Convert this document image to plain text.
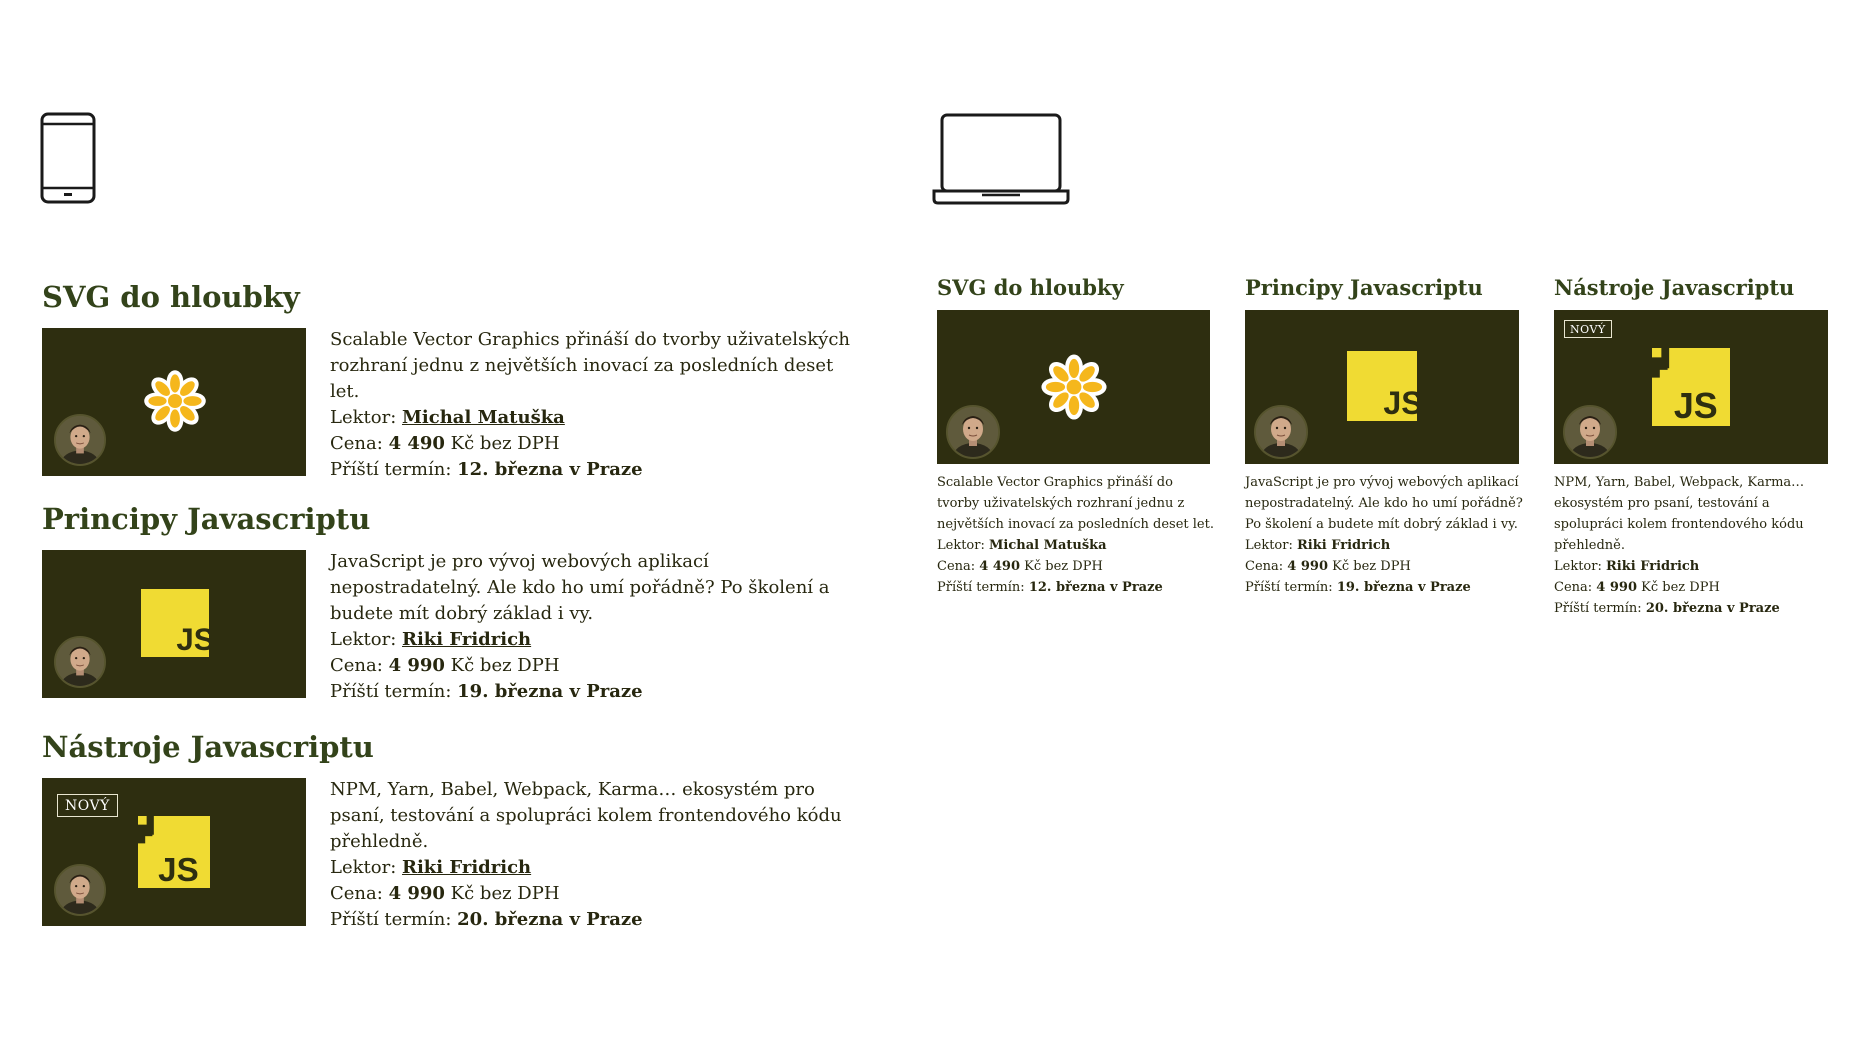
SVG do hloubky

Scalable Vector Graphics přináší do tvorby uživatelských rozhraní jednu z největších inovací za posledních deset let.

Lektor: Michal Matuška

Cena: 4 490 Kč bez DPH

Příští termín: 12. března v Praze

Principy Javascriptu

JavaScript je pro vývoj webových aplikací nepostradatelný. Ale kdo ho umí pořádně? Po školení a budete mít dobrý základ i vy.

Lektor: Riki Fridrich

Cena: 4 990 Kč bez DPH

Příští termín: 19. března v Praze

Nástroje Javascriptu
NOVÝ

NPM, Yarn, Babel, Webpack, Karma… ekosystém pro psaní, testování a spolupráci kolem frontendového kódu přehledně.

Lektor: Riki Fridrich

Cena: 4 990 Kč bez DPH

Příští termín: 20. března v Praze

SVG do hloubky

Scalable Vector Graphics přináší do tvorby uživatelských rozhraní jednu z největších inovací za posledních deset let.

Lektor: Michal Matuška

Cena: 4 490 Kč bez DPH

Příští termín: 12. března v Praze

Principy Javascriptu

JavaScript je pro vývoj webových aplikací nepostradatelný. Ale kdo ho umí pořádně? Po školení a budete mít dobrý základ i vy.

Lektor: Riki Fridrich

Cena: 4 990 Kč bez DPH

Příští termín: 19. března v Praze

Nástroje Javascriptu
NOVÝ

NPM, Yarn, Babel, Webpack, Karma… ekosystém pro psaní, testování a spolupráci kolem frontendového kódu přehledně.

Lektor: Riki Fridrich

Cena: 4 990 Kč bez DPH

Příští termín: 20. března v Praze
